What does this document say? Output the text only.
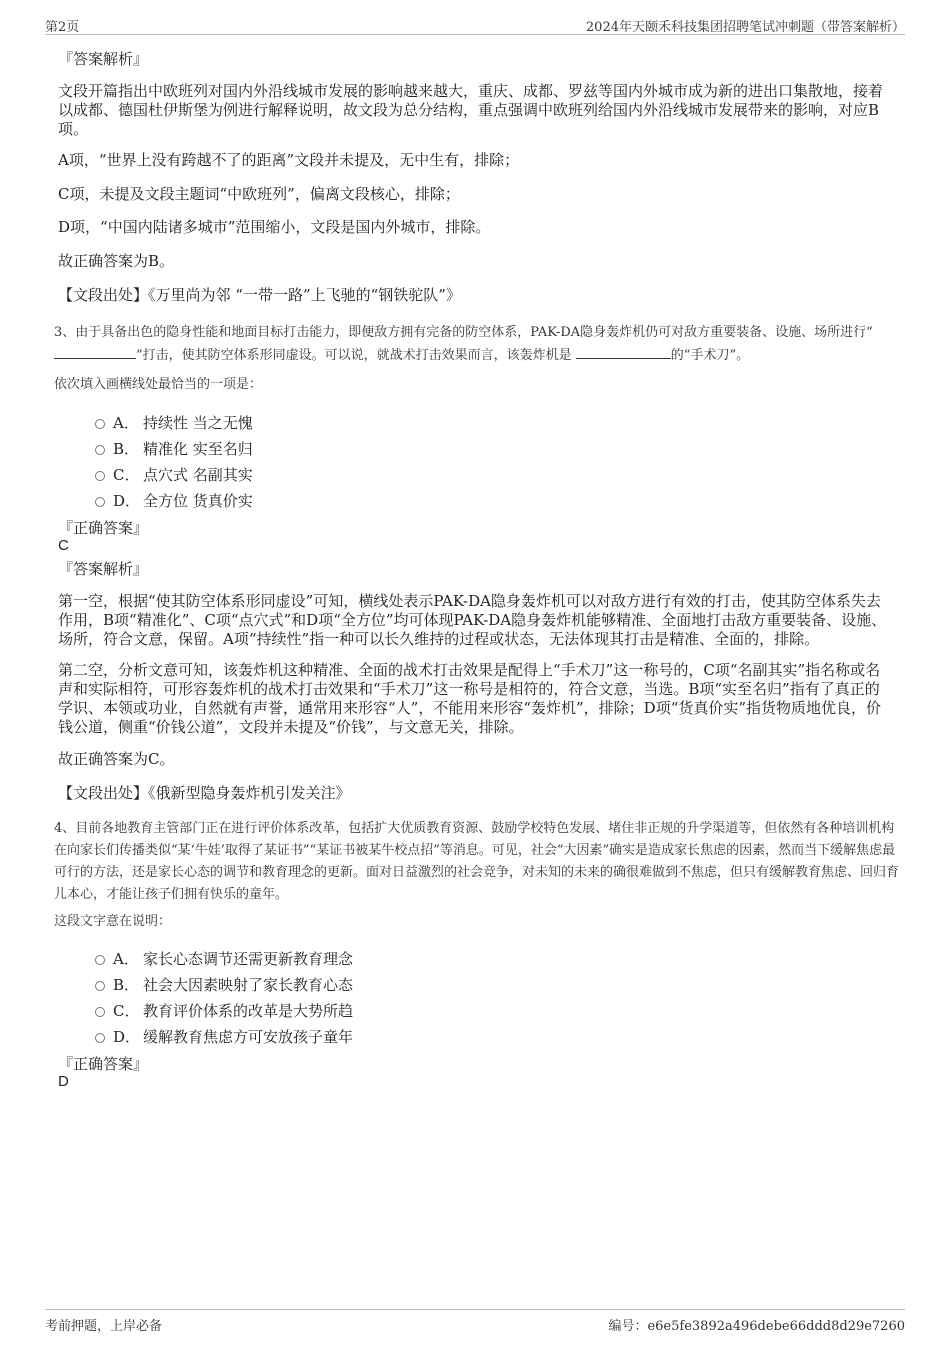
第2页	2024年天颐禾科技集团招聘笔试冲刺题（带答案解析）
『答案解析』
文段开篇指出中欧班列对国内外沿线城市发展的影响越来越大，重庆、成都、罗兹等国内外城市成为新的进出口集散地，接着以成都、德国杜伊斯堡为例进行解释说明，故文段为总分结构，重点强调中欧班列给国内外沿线城市发展带来的影响，对应B项。
A项，“世界上没有跨越不了的距离”文段并未提及，无中生有，排除；
C项，未提及文段主题词“中欧班列”，偏离文段核心，排除；
D项，“中国内陆诸多城市”范围缩小，文段是国内外城市，排除。
故正确答案为B。
【文段出处】《万里尚为邻 “一带一路”上飞驰的“钢铁驼队”》
3、由于具备出色的隐身性能和地面目标打击能力，即便敌方拥有完备的防空体系，PAK-DA隐身轰炸机仍可对敌方重要装备、设施、场所进行“”打击，使其防空体系形同虚设。可以说，就战术打击效果而言，该轰炸机是	的“手术刀”。
依次填入画横线处最恰当的一项是：
A． 持续性 当之无愧
B． 精准化 实至名归
C． 点穴式 名副其实
D． 全方位 货真价实
『正确答案』
C
『答案解析』
第一空，根据“使其防空体系形同虚设”可知，横线处表示PAK-DA隐身轰炸机可以对敌方进行有效的打击，使其防空体系失去作用，B项“精准化”、C项“点穴式”和D项“全方位”均可体现PAK-DA隐身轰炸机能够精准、全面地打击敌方重要装备、设施、场所，符合文意，保留。A项“持续性”指一种可以长久维持的过程或状态，无法体现其打击是精准、全面的，排除。
第二空，分析文意可知，该轰炸机这种精准、全面的战术打击效果是配得上“手术刀”这一称号的，C项“名副其实”指名称或名声和实际相符，可形容轰炸机的战术打击效果和“手术刀”这一称号是相符的，符合文意，当选。B项“实至名归”指有了真正的学识、本领或功业，自然就有声誉，通常用来形容“人”，不能用来形容“轰炸机”，排除；D项“货真价实”指货物质地优良，价钱公道，侧重“价钱公道”，文段并未提及“价钱”，与文意无关，排除。
故正确答案为C。
【文段出处】《俄新型隐身轰炸机引发关注》
4、目前各地教育主管部门正在进行评价体系改革，包括扩大优质教育资源、鼓励学校特色发展、堵住非正规的升学渠道等，但依然有各种培训机构在向家长们传播类似“某‘牛娃’取得了某证书”“某证书被某牛校点招”等消息。可见，社会“大因素”确实是造成家长焦虑的因素，然而当下缓解焦虑最可行的方法，还是家长心态的调节和教育理念的更新。面对日益激烈的社会竞争，对未知的未来的确很难做到不焦虑，但只有缓解教育焦虑、回归育儿本心，才能让孩子们拥有快乐的童年。
这段文字意在说明：
A． 家长心态调节还需更新教育理念
B． 社会大因素映射了家长教育心态
C． 教育评价体系的改革是大势所趋
D． 缓解教育焦虑方可安放孩子童年
『正确答案』
D
考前押题，上岸必备	编号：e6e5fe3892a496debe66ddd8d29e7260
